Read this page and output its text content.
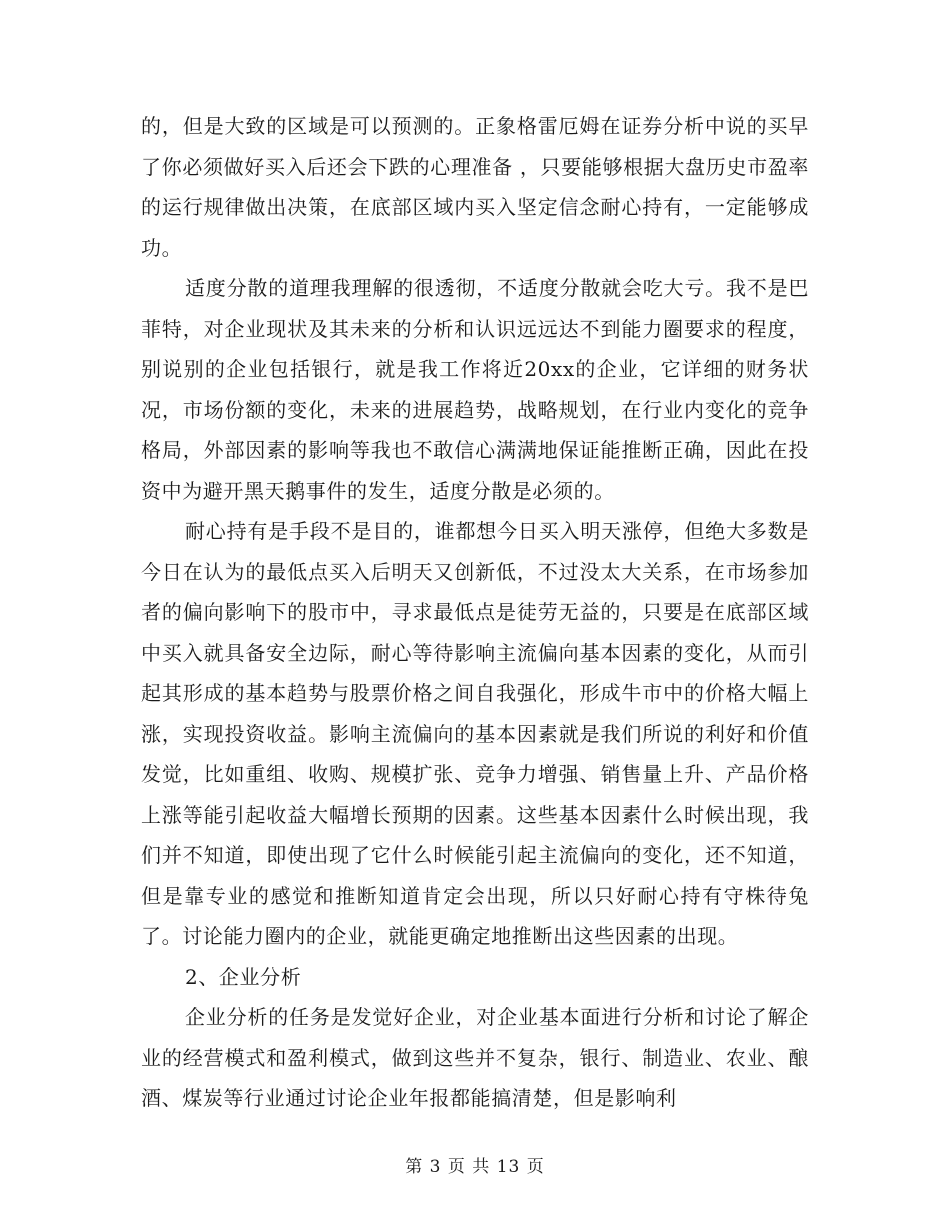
的，但是大致的区域是可以预测的。正象格雷厄姆在证券分析中说的买早了你必须做好买入后还会下跌的心理准备 ，只要能够根据大盘历史市盈率的运行规律做出决策，在底部区域内买入坚定信念耐心持有，一定能够成功。

适度分散的道理我理解的很透彻，不适度分散就会吃大亏。我不是巴菲特，对企业现状及其未来的分析和认识远远达不到能力圈要求的程度，别说别的企业包括银行，就是我工作将近20xx的企业，它详细的财务状况，市场份额的变化，未来的进展趋势，战略规划，在行业内变化的竞争格局，外部因素的影响等我也不敢信心满满地保证能推断正确，因此在投资中为避开黑天鹅事件的发生，适度分散是必须的。

耐心持有是手段不是目的，谁都想今日买入明天涨停，但绝大多数是今日在认为的最低点买入后明天又创新低，不过没太大关系，在市场参加者的偏向影响下的股市中，寻求最低点是徒劳无益的，只要是在底部区域中买入就具备安全边际，耐心等待影响主流偏向基本因素的变化，从而引起其形成的基本趋势与股票价格之间自我强化，形成牛市中的价格大幅上涨，实现投资收益。影响主流偏向的基本因素就是我们所说的利好和价值发觉，比如重组、收购、规模扩张、竞争力增强、销售量上升、产品价格上涨等能引起收益大幅增长预期的因素。这些基本因素什么时候出现，我们并不知道，即使出现了它什么时候能引起主流偏向的变化，还不知道，但是靠专业的感觉和推断知道肯定会出现，所以只好耐心持有守株待兔了。讨论能力圈内的企业，就能更确定地推断出这些因素的出现。

2、企业分析

企业分析的任务是发觉好企业，对企业基本面进行分析和讨论了解企业的经营模式和盈利模式，做到这些并不复杂，银行、制造业、农业、酿酒、煤炭等行业通过讨论企业年报都能搞清楚，但是影响利

第 3 页 共 13 页
